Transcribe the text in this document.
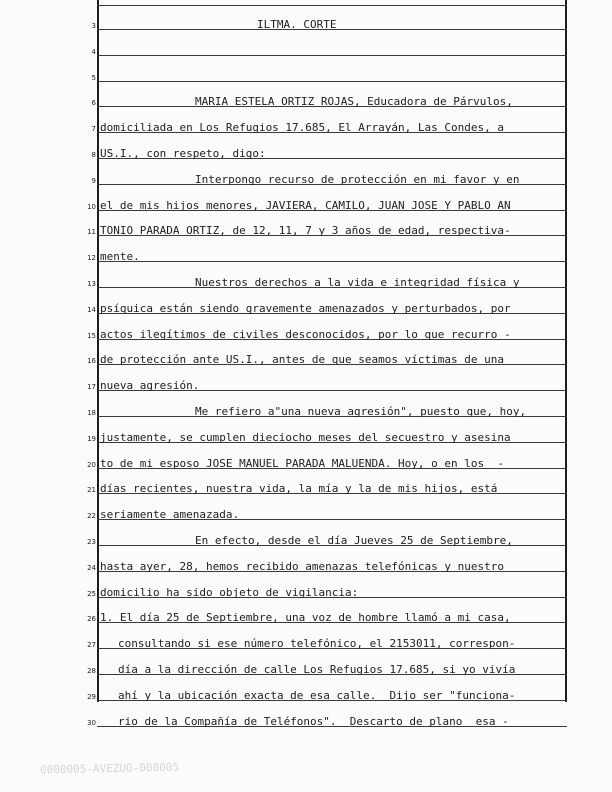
3	ILTMA. CORTE
4
5
6	MARIA ESTELA ORTIZ ROJAS, Educadora de Párvulos,
7 domiciliada en Los Refugios 17.685, El Arrayán, Las Condes, a
8 US.I., con respeto, digo:
9	Interpongo recurso de protección en mi favor y en
10 el de mis hijos menores, JAVIERA, CAMILO, JUAN JOSE Y PABLO AN
11 TONIO PARADA ORTIZ, de 12, 11, 7 y 3 años de edad, respectiva-
12 mente.
13	Nuestros derechos a la vida e integridad física y
14 psíquica están siendo gravemente amenazados y perturbados, por
15 actos ilegítimos de civiles desconocidos, por lo que recurro -
16 de protección ante US.I., antes de que seamos víctimas de una
17 nueva agresión.
18	Me refiero a"una nueva agresión", puesto que, hoy,
19 justamente, se cumplen dieciocho meses del secuestro y asesina
20 to de mi esposo JOSE MANUEL PARADA MALUENDA. Hoy, o en los  -
21 días recientes, nuestra vida, la mía y la de mis hijos, está
22 seriamente amenazada.
23	En efecto, desde el día Jueves 25 de Septiembre,
24 hasta ayer, 28, hemos recibido amenazas telefónicas y nuestro
25 domicilio ha sido objeto de vigilancia:
26 1. El día 25 de Septiembre, una voz de hombre llamó a mi casa,
27 consultando si ese número telefónico, el 2153011, correspon-
28 día a la dirección de calle Los Refugios 17.685, si yo vivía
29 ahí y la ubicación exacta de esa calle.  Dijo ser "funciona-
30 rio de la Compañía de Teléfonos".  Descarto de plano  esa -
0000005-AVEZUO-000005
